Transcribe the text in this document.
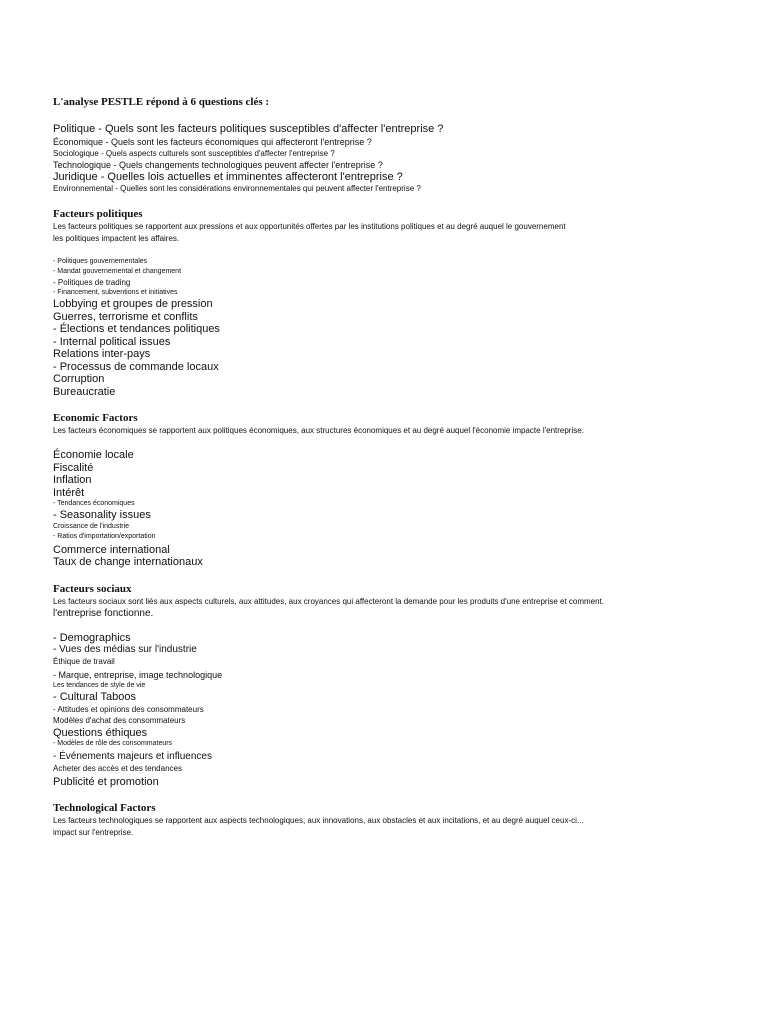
L'analyse PESTLE répond à 6 questions clés :

Politique - Quels sont les facteurs politiques susceptibles d'affecter l'entreprise ?
Économique - Quels sont les facteurs économiques qui affecteront l'entreprise ?
Sociologique - Quels aspects culturels sont susceptibles d'affecter l'entreprise ?
Technologique - Quels changements technologiques peuvent affecter l'entreprise ?
Juridique - Quelles lois actuelles et imminentes affecteront l'entreprise ?
Environnemental - Quelles sont les considérations environnementales qui peuvent affecter l'entreprise ?

Facteurs politiques

Les facteurs politiques se rapportent aux pressions et aux opportunités offertes par les institutions politiques et au degré auquel le gouvernement
les politiques impactent les affaires.

- Politiques gouvernementales
- Mandat gouvernemental et changement
- Politiques de trading
- Financement, subventions et initiatives
Lobbying et groupes de pression
Guerres, terrorisme et conflits
- Élections et tendances politiques
- Internal political issues
Relations inter-pays
- Processus de commande locaux
Corruption
Bureaucratie

Economic Factors

Les facteurs économiques se rapportent aux politiques économiques, aux structures économiques et au degré auquel l'économie impacte l'entreprise.

Économie locale
Fiscalité
Inflation
Intérêt
- Tendances économiques
- Seasonality issues
Croissance de l'industrie
- Ratios d'importation/exportation
Commerce international
Taux de change internationaux

Facteurs sociaux

Les facteurs sociaux sont liés aux aspects culturels, aux attitudes, aux croyances qui affecteront la demande pour les produits d'une entreprise et comment.
l'entreprise fonctionne.

- Demographics
- Vues des médias sur l'industrie
Éthique de travail
- Marque, entreprise, image technologique
Les tendances de style de vie
- Cultural Taboos
- Attitudes et opinions des consommateurs
Modèles d'achat des consommateurs
Questions éthiques
- Modèles de rôle des consommateurs
- Événements majeurs et influences
Acheter des accès et des tendances
Publicité et promotion

Technological Factors

Les facteurs technologiques se rapportent aux aspects technologiques, aux innovations, aux obstacles et aux incitations, et au degré auquel ceux-ci...
impact sur l'entreprise.
